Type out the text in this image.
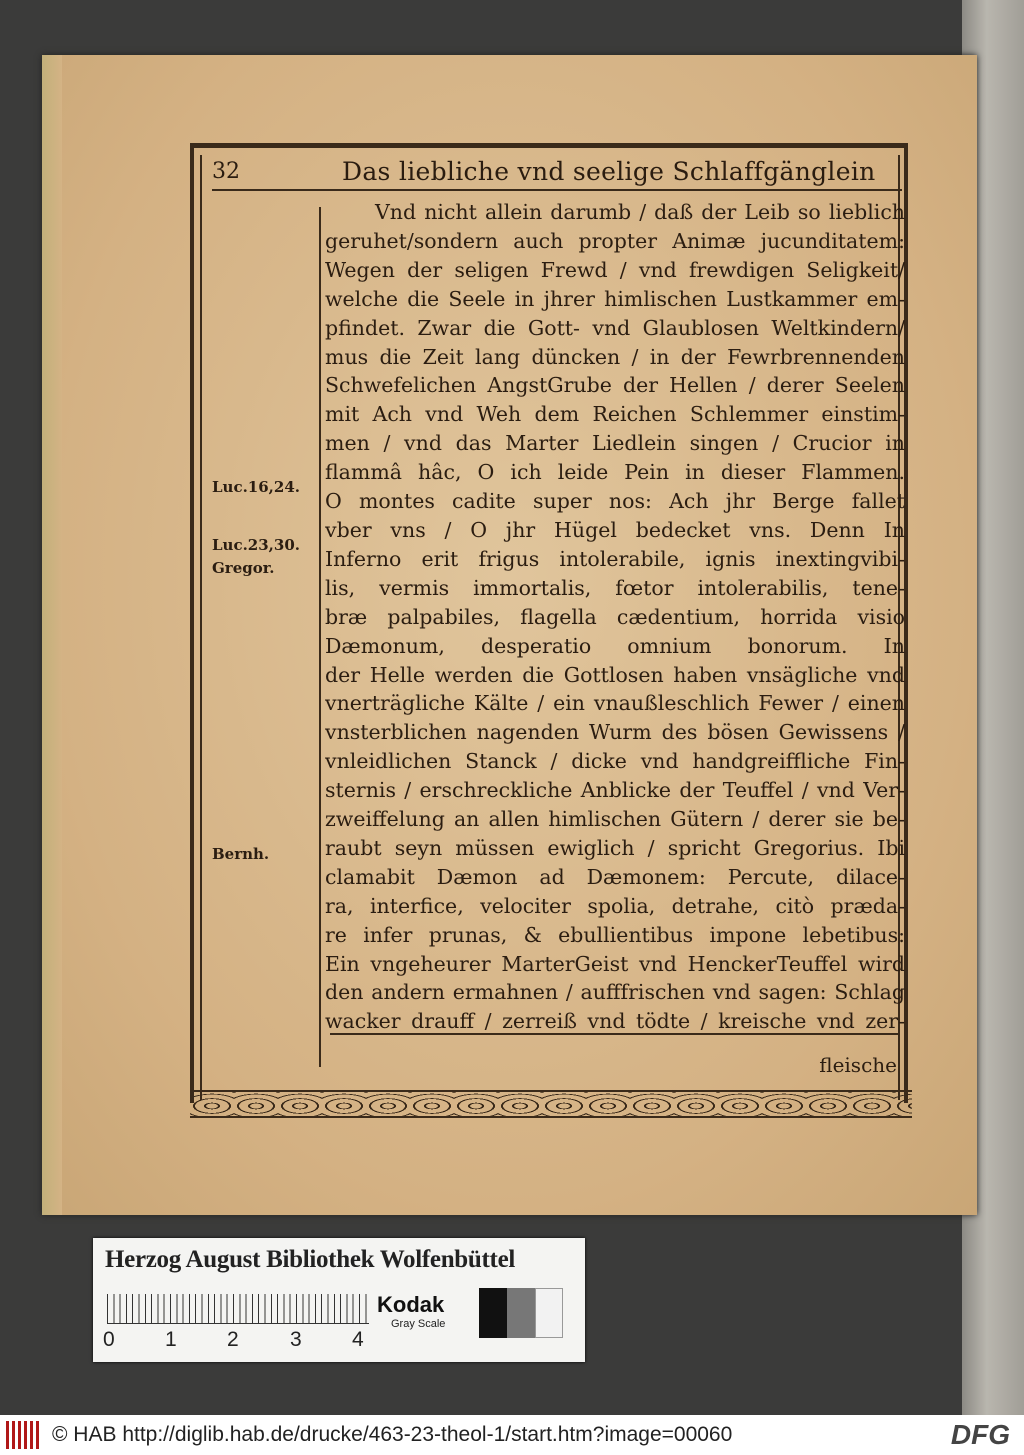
32	Das liebliche vnd seelige Schlaffgänglein
Luc.16,24.
Luc.23,30.
Gregor.
Bernh.
Vnd nicht allein darumb / daß der Leib so lieblich
geruhet/sondern auch propter Animæ jucunditatem:
Wegen der seligen Frewd / vnd frewdigen Seligkeit/
welche die Seele in jhrer himlischen Lustkammer em-
pfindet. Zwar die Gott- vnd Glaublosen Weltkindern/
mus die Zeit lang düncken / in der Fewrbrennenden
Schwefelichen AngstGrube der Hellen / derer Seelen
mit Ach vnd Weh dem Reichen Schlemmer einstim-
men / vnd das Marter Liedlein singen / Crucior in
flammâ hâc, O ich leide Pein in dieser Flammen.
O montes cadite super nos: Ach jhr Berge fallet
vber vns / O jhr Hügel bedecket vns. Denn In
Inferno erit frigus intolerabile, ignis inextingvibi-
lis, vermis immortalis, fœtor intolerabilis, tene-
bræ palpabiles, flagella cædentium, horrida visio
Dæmonum, desperatio omnium bonorum. In
der Helle werden die Gottlosen haben vnsägliche vnd
vnerträgliche Kälte / ein vnaußleschlich Fewer / einen
vnsterblichen nagenden Wurm des bösen Gewissens /
vnleidlichen Stanck / dicke vnd handgreiffliche Fin-
sternis / erschreckliche Anblicke der Teuffel / vnd Ver-
zweiffelung an allen himlischen Gütern / derer sie be-
raubt seyn müssen ewiglich / spricht Gregorius. Ibi
clamabit Dæmon ad Dæmonem: Percute, dilace-
ra, interfice, velociter spolia, detrahe, citò præda-
re infer prunas, & ebullientibus impone lebetibus:
Ein vngeheurer MarterGeist vnd HenckerTeuffel wird
den andern ermahnen / aufffrischen vnd sagen: Schlag
wacker drauff / zerreiß vnd tödte / kreische vnd zer-
fleische
Herzog August Bibliothek Wolfenbüttel
0 1 2 3 4
Kodak
Gray Scale
© HAB http://diglib.hab.de/drucke/463-23-theol-1/start.htm?image=00060	DFG
